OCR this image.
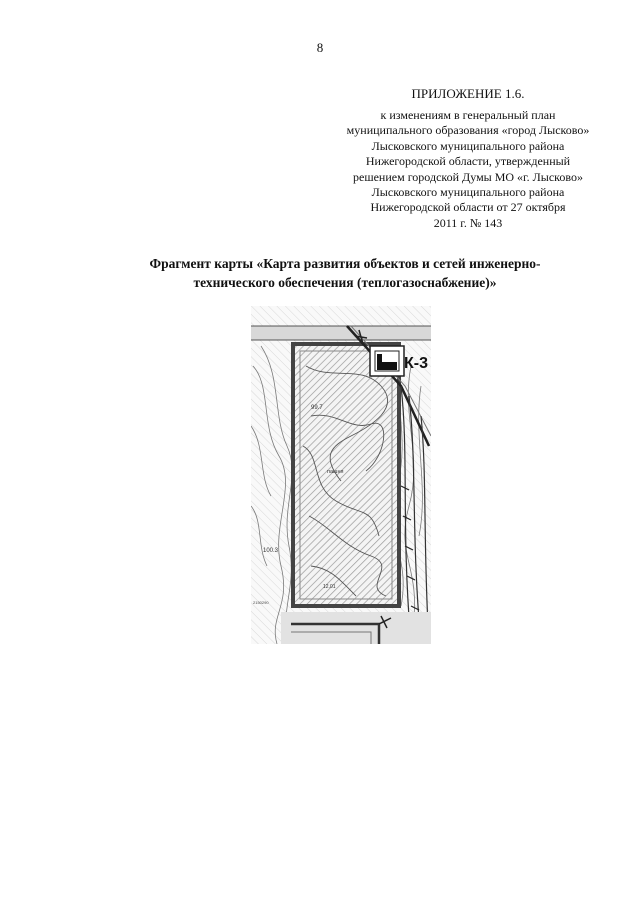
8
ПРИЛОЖЕНИЕ 1.6.
к изменениям в генеральный план
муниципального образования «город Лысково»
Лысковского муниципального района
Нижегородской области, утвержденный
решением городской Думы МО «г. Лысково»
Лысковского муниципального района
Нижегородской области от 27 октября
2011 г. № 143
Фрагмент карты «Карта развития объектов и сетей инженерно-
технического обеспечения (теплогазоснабжение)»
К-3
99.7
пашня
100.3
12.01
2150290
